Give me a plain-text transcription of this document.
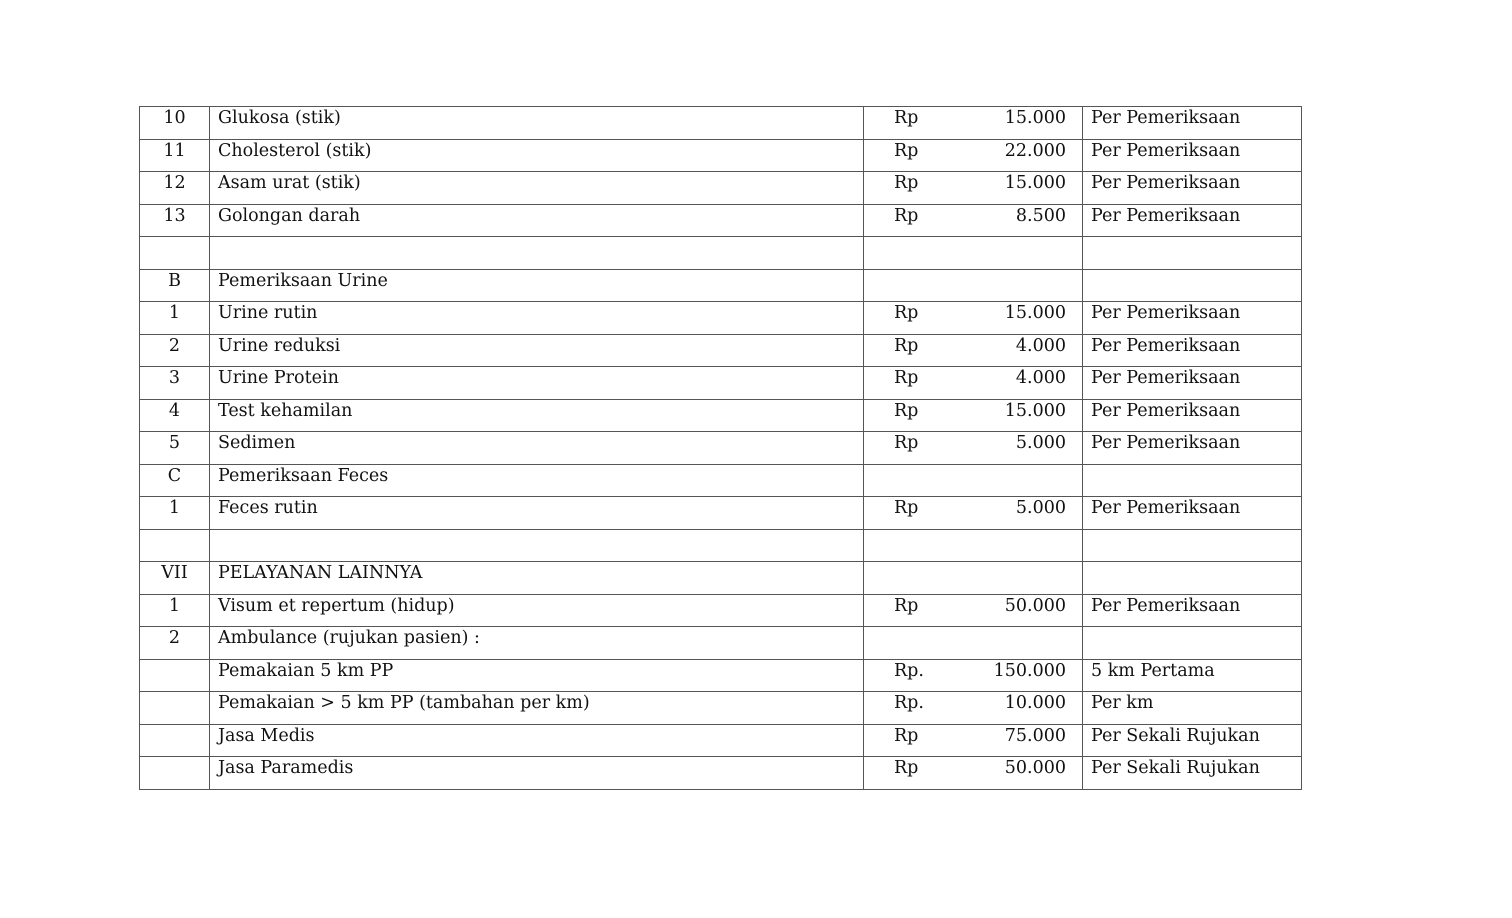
10	Glukosa (stik)	Rp 15.000	Per Pemeriksaan
11	Cholesterol (stik)	Rp 22.000	Per Pemeriksaan
12	Asam urat (stik)	Rp 15.000	Per Pemeriksaan
13	Golongan darah	Rp 8.500	Per Pemeriksaan

B	Pemeriksaan Urine	

1	Urine rutin	Rp 15.000	Per Pemeriksaan
2	Urine reduksi	Rp 4.000	Per Pemeriksaan
3	Urine Protein	Rp 4.000	Per Pemeriksaan
4	Test kehamilan	Rp 15.000	Per Pemeriksaan
5	Sedimen	Rp 5.000	Per Pemeriksaan
C	Pemeriksaan Feces	

1	Feces rutin	Rp 5.000	Per Pemeriksaan

VII	PELAYANAN LAINNYA	

1	Visum et repertum (hidup)	Rp 50.000	Per Pemeriksaan
2	Ambulance (rujukan pasien) :	

	Pemakaian 5 km PP	Rp. 150.000	5 km Pertama
	Pemakaian > 5 km PP (tambahan per km)	Rp. 10.000	Per km
	Jasa Medis	Rp 75.000	Per Sekali Rujukan
	Jasa Paramedis	Rp 50.000	Per Sekali Rujukan
